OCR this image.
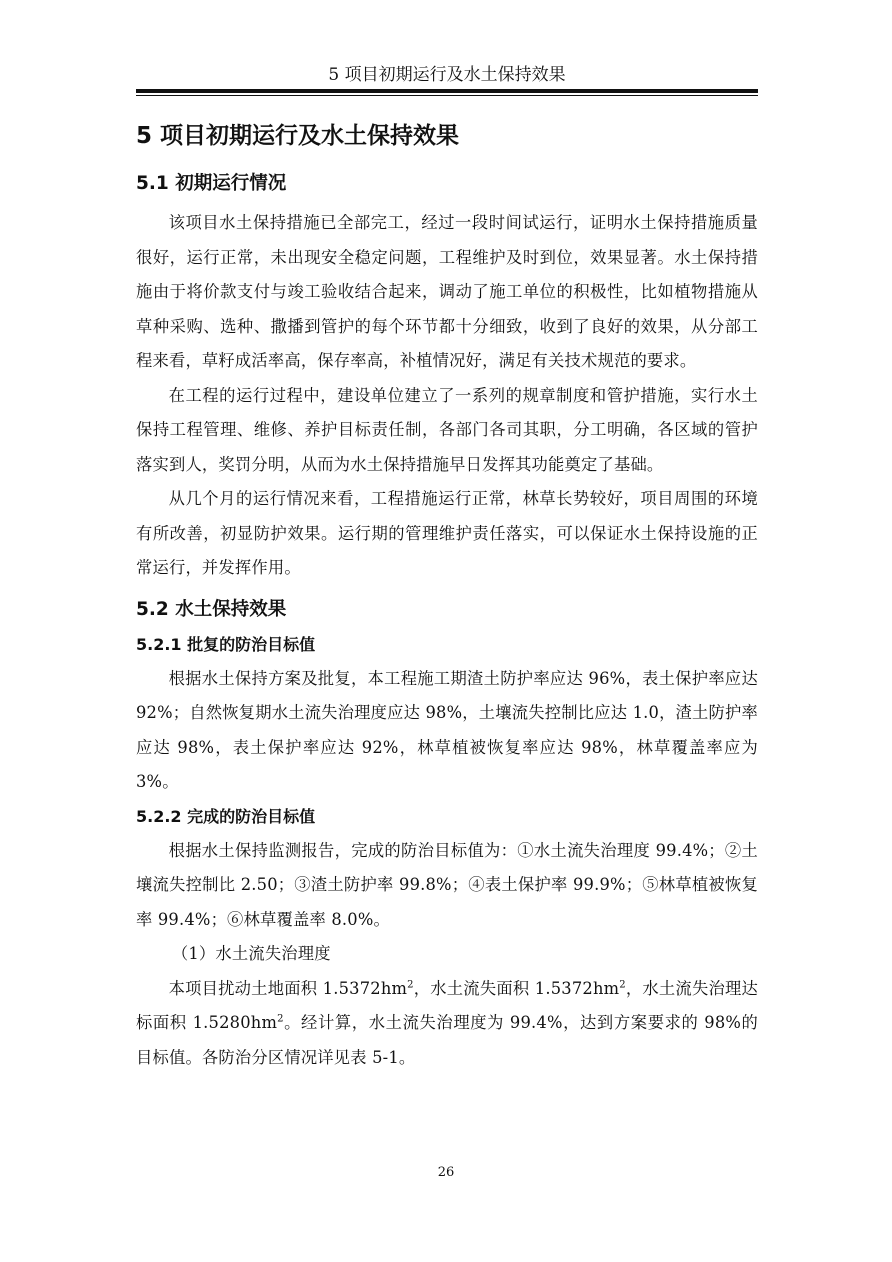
5 项目初期运行及水土保持效果
5 项目初期运行及水土保持效果
5.1 初期运行情况

该项目水土保持措施已全部完工，经过一段时间试运行，证明水土保持措施质量很好，运行正常，未出现安全稳定问题，工程维护及时到位，效果显著。水土保持措施由于将价款支付与竣工验收结合起来，调动了施工单位的积极性，比如植物措施从草种采购、选种、撒播到管护的每个环节都十分细致，收到了良好的效果，从分部工程来看，草籽成活率高，保存率高，补植情况好，满足有关技术规范的要求。

在工程的运行过程中，建设单位建立了一系列的规章制度和管护措施，实行水土保持工程管理、维修、养护目标责任制，各部门各司其职，分工明确，各区域的管护落实到人，奖罚分明，从而为水土保持措施早日发挥其功能奠定了基础。

从几个月的运行情况来看，工程措施运行正常，林草长势较好，项目周围的环境有所改善，初显防护效果。运行期的管理维护责任落实，可以保证水土保持设施的正常运行，并发挥作用。

5.2 水土保持效果
5.2.1 批复的防治目标值

根据水土保持方案及批复，本工程施工期渣土防护率应达 96%，表土保护率应达 92%；自然恢复期水土流失治理度应达 98%，土壤流失控制比应达 1.0，渣土防护率应达 98%，表土保护率应达 92%，林草植被恢复率应达 98%，林草覆盖率应为 3%。

5.2.2 完成的防治目标值

根据水土保持监测报告，完成的防治目标值为：①水土流失治理度 99.4%；②土壤流失控制比 2.50；③渣土防护率 99.8%；④表土保护率 99.9%；⑤林草植被恢复率 99.4%；⑥林草覆盖率 8.0%。

（1）水土流失治理度

本项目扰动土地面积 $1.5372hm^2$，水土流失面积 $1.5372hm^2$，水土流失治理达标面积 $1.5280hm^2$。经计算，水土流失治理度为 99.4%，达到方案要求的 98%的目标值。各防治分区情况详见表 5-1。

26
